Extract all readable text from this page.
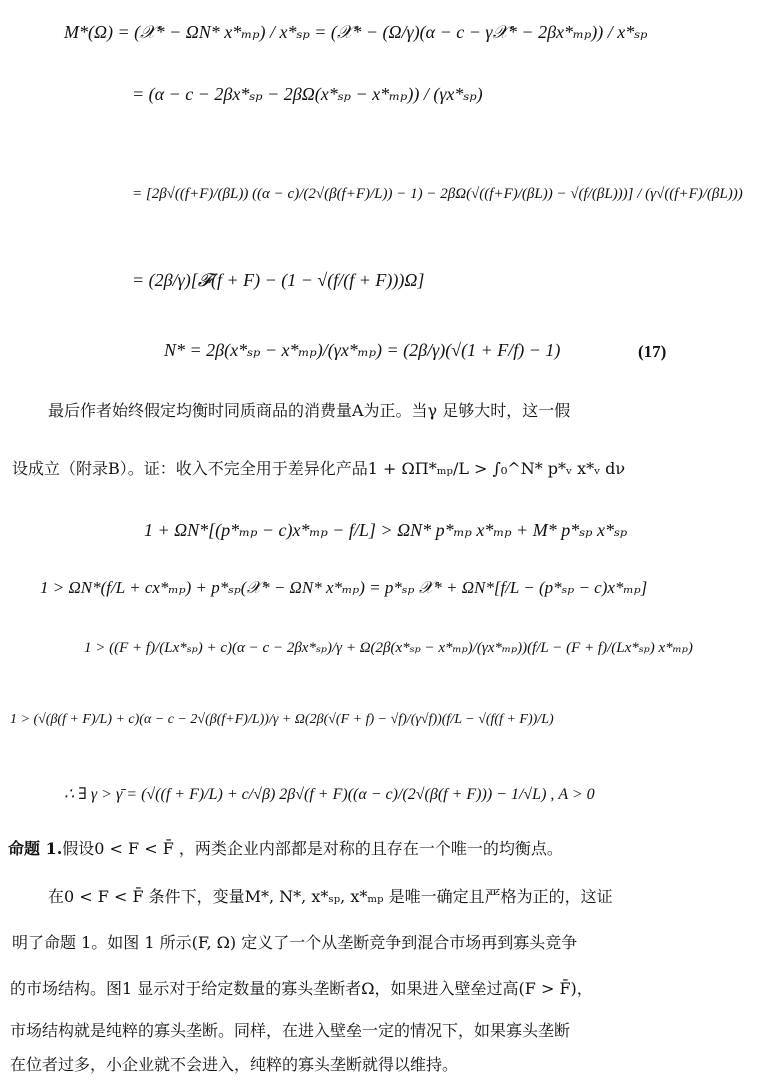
M*(Ω) = (𝒳* − ΩN* x*ₘₚ) / x*ₛₚ = (𝒳* − (Ω/γ)(α − c − γ𝒳* − 2βx*ₘₚ)) / x*ₛₚ
= (α − c − 2βx*ₛₚ − 2βΩ(x*ₛₚ − x*ₘₚ)) / (γx*ₛₚ)
= [2β√((f+F)/(βL)) ((α − c)/(2√(β(f+F)/L)) − 1) − 2βΩ(√((f+F)/(βL)) − √(f/(βL)))] / (γ√((f+F)/(βL)))
= (2β/γ)[𝓕(f + F) − (1 − √(f/(f + F)))Ω]
N* = 2β(x*ₛₚ − x*ₘₚ)/(γx*ₘₚ) = (2β/γ)(√(1 + F/f) − 1)	(17)
最后作者始终假定均衡时同质商品的消费量A为正。当γ 足够大时，这一假
设成立（附录B）。证：收入不完全用于差异化产品1 + ΩΠ*ₘₚ/L > ∫₀^N* p*ᵥ x*ᵥ dν
1 + ΩN*[(p*ₘₚ − c)x*ₘₚ − f/L] > ΩN* p*ₘₚ x*ₘₚ + M* p*ₛₚ x*ₛₚ
1 > ΩN*(f/L + cx*ₘₚ) + p*ₛₚ(𝒳* − ΩN* x*ₘₚ) = p*ₛₚ 𝒳* + ΩN*[f/L − (p*ₛₚ − c)x*ₘₚ]
1 > ((F + f)/(Lx*ₛₚ) + c)(α − c − 2βx*ₛₚ)/γ + Ω(2β(x*ₛₚ − x*ₘₚ)/(γx*ₘₚ))(f/L − (F + f)/(Lx*ₛₚ) x*ₘₚ)
1 > (√(β(f + F)/L) + c)(α − c − 2√(β(f+F)/L))/γ + Ω(2β(√(F + f) − √f)/(γ√f))(f/L − √(f(f + F))/L)
∴ ∃ γ > γ̄ = (√((f + F)/L) + c/√β) 2β√(f + F)((α − c)/(2√(β(f + F))) − 1/√L) , A > 0
命题 1.假设0 < F < F̄ ，两类企业内部都是对称的且存在一个唯一的均衡点。
在0 < F < F̄ 条件下，变量M*, N*, x*ₛₚ, x*ₘₚ 是唯一确定且严格为正的，这证
明了命题 1。如图 1 所示(F, Ω) 定义了一个从垄断竞争到混合市场再到寡头竞争
的市场结构。图1 显示对于给定数量的寡头垄断者Ω，如果进入壁垒过高(F > F̄)，
市场结构就是纯粹的寡头垄断。同样，在进入壁垒一定的情况下，如果寡头垄断
在位者过多，小企业就不会进入，纯粹的寡头垄断就得以维持。
